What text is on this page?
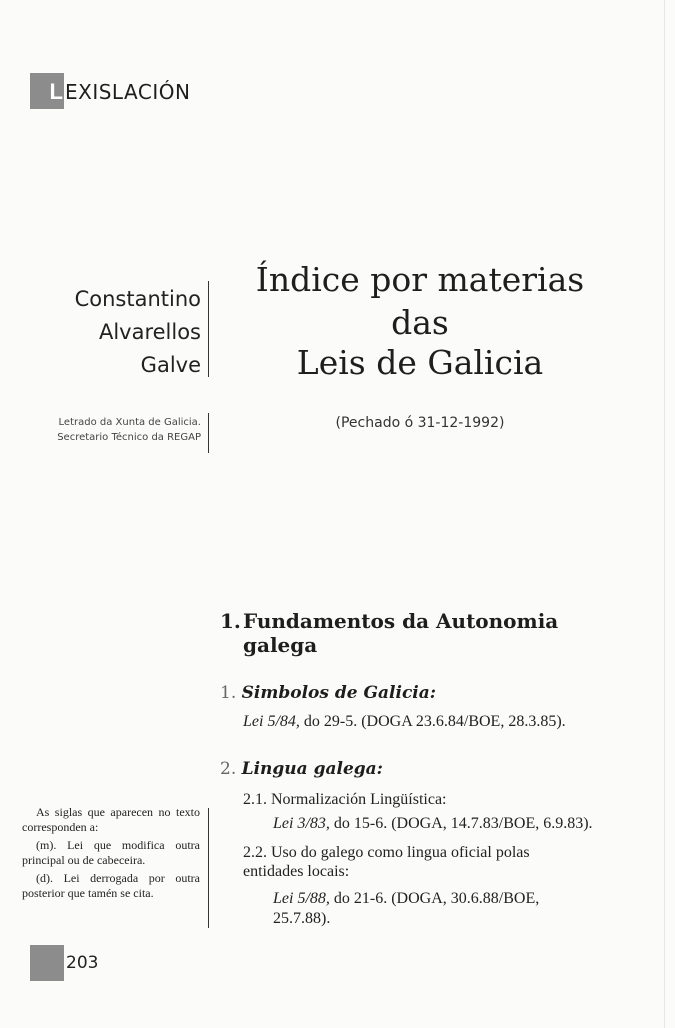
L EXISLACIÓN
Constantino
Alvarellos
Galve
Letrado da Xunta de Galicia.
Secretario Técnico da REGAP
Índice por materias
das
Leis de Galicia
(Pechado ó 31-12-1992)
1. Fundamentos da Autonomia galega
1. Simbolos de Galicia:
Lei 5/84, do 29-5. (DOGA 23.6.84/BOE, 28.3.85).
2. Lingua galega:
2.1. Normalización Lingüística:
Lei 3/83, do 15-6. (DOGA, 14.7.83/BOE, 6.9.83).
2.2. Uso do galego como lingua oficial polas
entidades locais:
Lei 5/88, do 21-6. (DOGA, 30.6.88/BOE,
25.7.88).

As siglas que aparecen no texto corresponden a:

(m). Lei que modifica outra principal ou de cabeceira.

(d). Lei derrogada por outra posterior que tamén se cita.

203
